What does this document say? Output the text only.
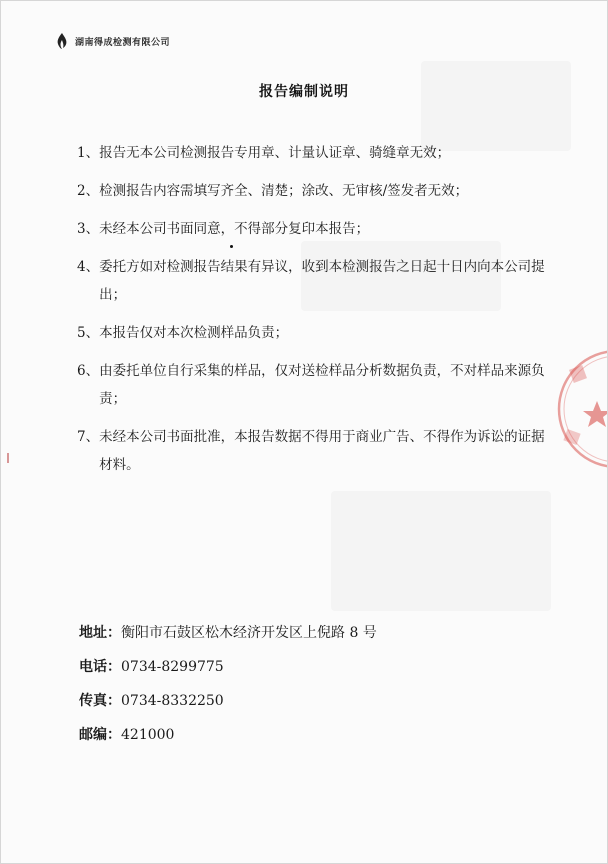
湖南得成检测有限公司
报告编制说明
1、 报告无本公司检测报告专用章、计量认证章、骑缝章无效；
2、 检测报告内容需填写齐全、清楚；涂改、无审核/签发者无效；
3、 未经本公司书面同意，不得部分复印本报告；
4、 委托方如对检测报告结果有异议，收到本检测报告之日起十日内向本公司提出；
5、 本报告仅对本次检测样品负责；
6、 由委托单位自行采集的样品，仅对送检样品分析数据负责，不对样品来源负责；
7、 未经本公司书面批准，本报告数据不得用于商业广告、不得作为诉讼的证据材料。
地址：衡阳市石鼓区松木经济开发区上倪路 8 号
电话：0734-8299775
传真：0734-8332250
邮编：421000
